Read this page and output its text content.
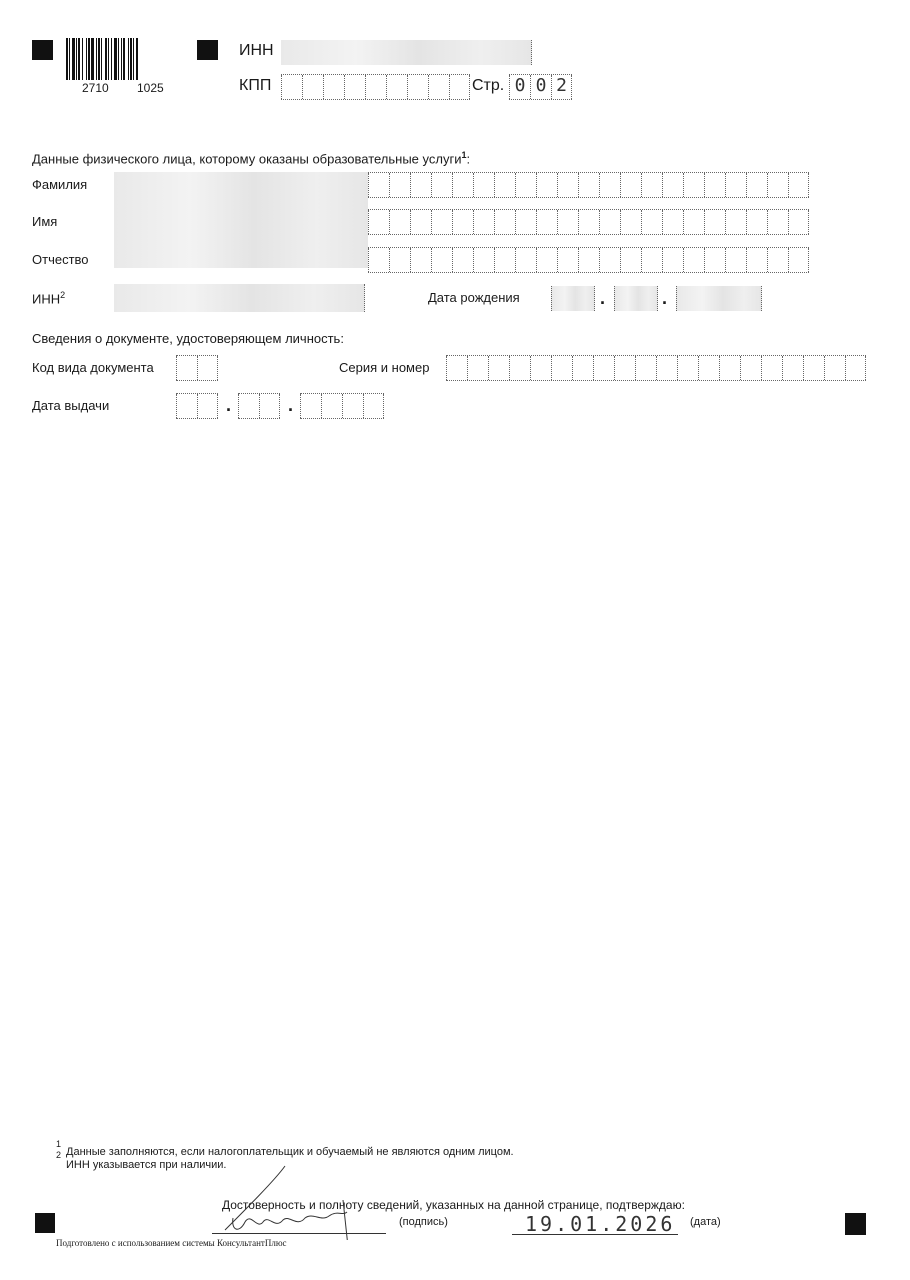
2710 1025
ИНН
КПП	Стр. 0 0 2
Данные физического лица, которому оказаны образовательные услуги$^1$:
Фамилия
Имя
Отчество
ИНН$^2$	Дата рождения	.	.
Сведения о документе, удостоверяющем личность:
Код вида документа	Серия и номер
Дата выдачи	.	.
1
2 Данные заполняются, если налогоплательщик и обучаемый не являются одним лицом.
ИНН указывается при наличии.
Достоверность и полноту сведений, указанных на данной странице, подтверждаю:
(подпись)	19.01.2026 (дата)
Подготовлено с использованием системы КонсультантПлюс
